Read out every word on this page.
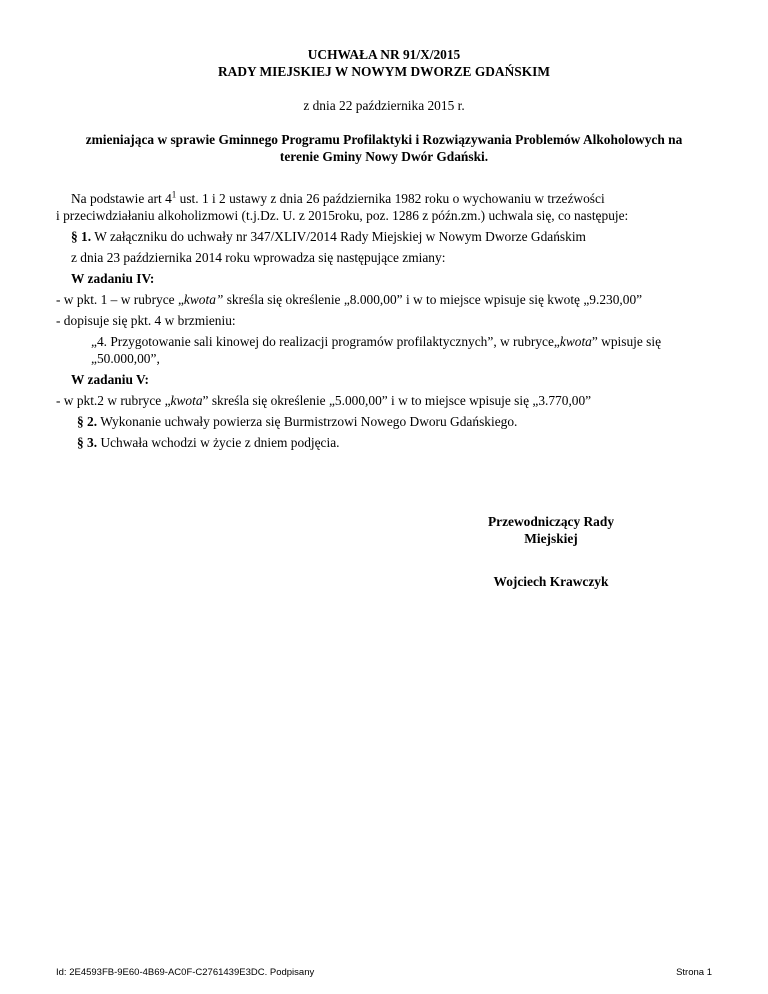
UCHWAŁA NR 91/X/2015
RADY MIEJSKIEJ W NOWYM DWORZE GDAŃSKIM
z dnia 22 października 2015 r.
zmieniająca w sprawie Gminnego Programu Profilaktyki i Rozwiązywania Problemów Alkoholowych na
terenie Gminy Nowy Dwór Gdański.
Na podstawie art $4^1$ ust. 1 i 2 ustawy z dnia 26 października 1982 roku o wychowaniu w trzeźwości
i przeciwdziałaniu alkoholizmowi (t.j.Dz. U. z 2015roku, poz. 1286 z późn.zm.) uchwala się, co następuje:
§ 1. W załączniku do uchwały nr 347/XLIV/2014 Rady Miejskiej w Nowym Dworze Gdańskim
z dnia 23 października 2014 roku wprowadza się następujące zmiany:
W zadaniu IV:
- w pkt. 1 – w rubryce „kwota” skreśla się określenie „8.000,00” i w to miejsce wpisuje się kwotę „9.230,00”
- dopisuje się pkt. 4 w brzmieniu:
„4. Przygotowanie sali kinowej do realizacji programów profilaktycznych”, w rubryce„kwota” wpisuje się
„50.000,00”,
W zadaniu V:
- w pkt.2 w rubryce „kwota” skreśla się określenie „5.000,00” i w to miejsce wpisuje się „3.770,00”
§ 2. Wykonanie uchwały powierza się Burmistrzowi Nowego Dworu Gdańskiego.
§ 3. Uchwała wchodzi w życie z dniem podjęcia.
Przewodniczący Rady
Miejskiej
Wojciech Krawczyk
Id: 2E4593FB-9E60-4B69-AC0F-C2761439E3DC. Podpisany	Strona 1
